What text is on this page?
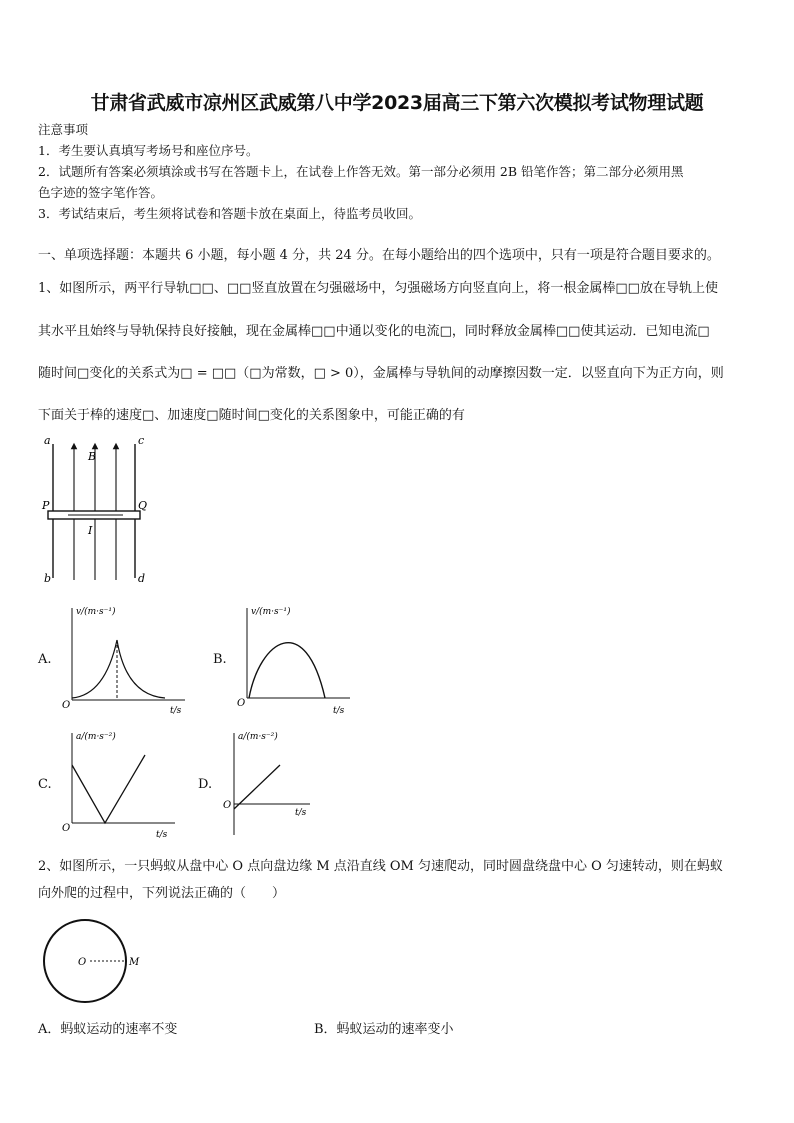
甘肃省武威市凉州区武威第八中学2023届高三下第六次模拟考试物理试题
注意事项
1．考生要认真填写考场号和座位序号。
2．试题所有答案必须填涂或书写在答题卡上，在试卷上作答无效。第一部分必须用 2B 铅笔作答；第二部分必须用黑
色字迹的签字笔作答。
3．考试结束后，考生须将试卷和答题卡放在桌面上，待监考员收回。
一、单项选择题：本题共 6 小题，每小题 4 分，共 24 分。在每小题给出的四个选项中，只有一项是符合题目要求的。
1、如图所示，两平行导轨□□、□□竖直放置在匀强磁场中，匀强磁场方向竖直向上，将一根金属棒□□放在导轨上使
其水平且始终与导轨保持良好接触，现在金属棒□□中通以变化的电流□，同时释放金属棒□□使其运动．已知电流□
随时间□变化的关系式为□ = □□（□为常数，□ > 0），金属棒与导轨间的动摩擦因数一定．以竖直向下为正方向，则
下面关于棒的速度□、加速度□随时间□变化的关系图象中，可能正确的有
a	c
P	Q
B
I
b	d
A.
v/(m·s⁻¹)
O	t/s
B.
v/(m·s⁻¹)
O
t/s
C.
a/(m·s⁻²)
O
t/s
D.
a/(m·s⁻²)
O
t/s
2、如图所示，一只蚂蚁从盘中心 O 点向盘边缘 M 点沿直线 OM 匀速爬动，同时圆盘绕盘中心 O 匀速转动，则在蚂蚁
向外爬的过程中，下列说法正确的（　　）
O	M
A．蚂蚁运动的速率不变	B．蚂蚁运动的速率变小
